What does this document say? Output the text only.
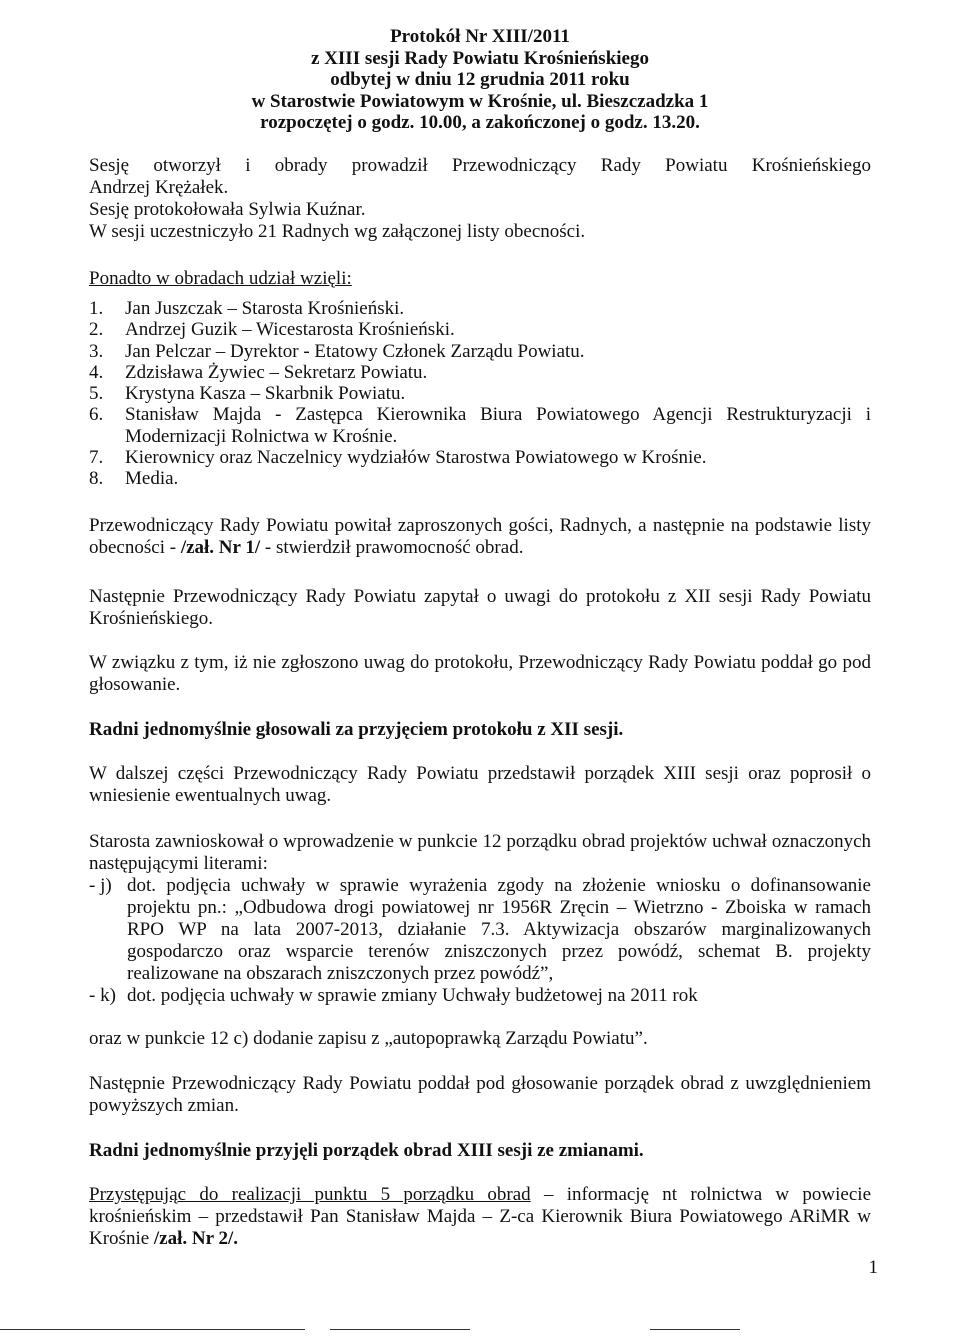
Protokół Nr XIII/2011
z XIII sesji Rady Powiatu Krośnieńskiego
odbytej w dniu 12 grudnia 2011 roku
w Starostwie Powiatowym w Krośnie, ul. Bieszczadzka 1
rozpoczętej o godz. 10.00, a zakończonej o godz. 13.20.
Sesję otworzył i obrady prowadził Przewodniczący Rady Powiatu Krośnieńskiego
Andrzej Krężałek.
Sesję protokołowała Sylwia Kuźnar.
W sesji uczestniczyło 21 Radnych wg załączonej listy obecności.
Ponadto w obradach udział wzięli:
1.	Jan Juszczak – Starosta Krośnieński.
2.	Andrzej Guzik – Wicestarosta Krośnieński.
3.	Jan Pelczar – Dyrektor - Etatowy Członek Zarządu Powiatu.
4.	Zdzisława Żywiec – Sekretarz Powiatu.
5.	Krystyna Kasza – Skarbnik Powiatu.
6.	Stanisław Majda - Zastępca Kierownika Biura Powiatowego Agencji Restrukturyzacji i Modernizacji Rolnictwa w Krośnie.
7.	Kierownicy oraz Naczelnicy wydziałów Starostwa Powiatowego w Krośnie.
8.	Media.
Przewodniczący Rady Powiatu powitał zaproszonych gości, Radnych, a następnie na podstawie listy obecności - /zał. Nr 1/ - stwierdził prawomocność obrad.
Następnie Przewodniczący Rady Powiatu zapytał o uwagi do protokołu z XII sesji Rady Powiatu Krośnieńskiego.
W związku z tym, iż nie zgłoszono uwag do protokołu, Przewodniczący Rady Powiatu poddał go pod głosowanie.
Radni jednomyślnie głosowali za przyjęciem protokołu z XII sesji.
W dalszej części Przewodniczący Rady Powiatu przedstawił porządek XIII sesji oraz poprosił o wniesienie ewentualnych uwag.
Starosta zawnioskował o wprowadzenie w punkcie 12 porządku obrad projektów uchwał oznaczonych następującymi literami:
- j) dot. podjęcia uchwały w sprawie wyrażenia zgody na złożenie wniosku o dofinansowanie projektu pn.: „Odbudowa drogi powiatowej nr 1956R Zręcin – Wietrzno - Zboiska w ramach RPO WP na lata 2007-2013, działanie 7.3. Aktywizacja obszarów marginalizowanych gospodarczo oraz wsparcie terenów zniszczonych przez powódź, schemat B. projekty realizowane na obszarach zniszczonych przez powódź”,
- k) dot. podjęcia uchwały w sprawie zmiany Uchwały budżetowej na 2011 rok
oraz w punkcie 12 c) dodanie zapisu z „autopoprawką Zarządu Powiatu”.
Następnie Przewodniczący Rady Powiatu poddał pod głosowanie porządek obrad z uwzględnieniem powyższych zmian.
Radni jednomyślnie przyjęli porządek obrad XIII sesji ze zmianami.
Przystępując do realizacji punktu 5 porządku obrad – informację nt rolnictwa w powiecie krośnieńskim – przedstawił Pan Stanisław Majda – Z-ca Kierownik Biura Powiatowego ARiMR w Krośnie /zał. Nr 2/.
1
